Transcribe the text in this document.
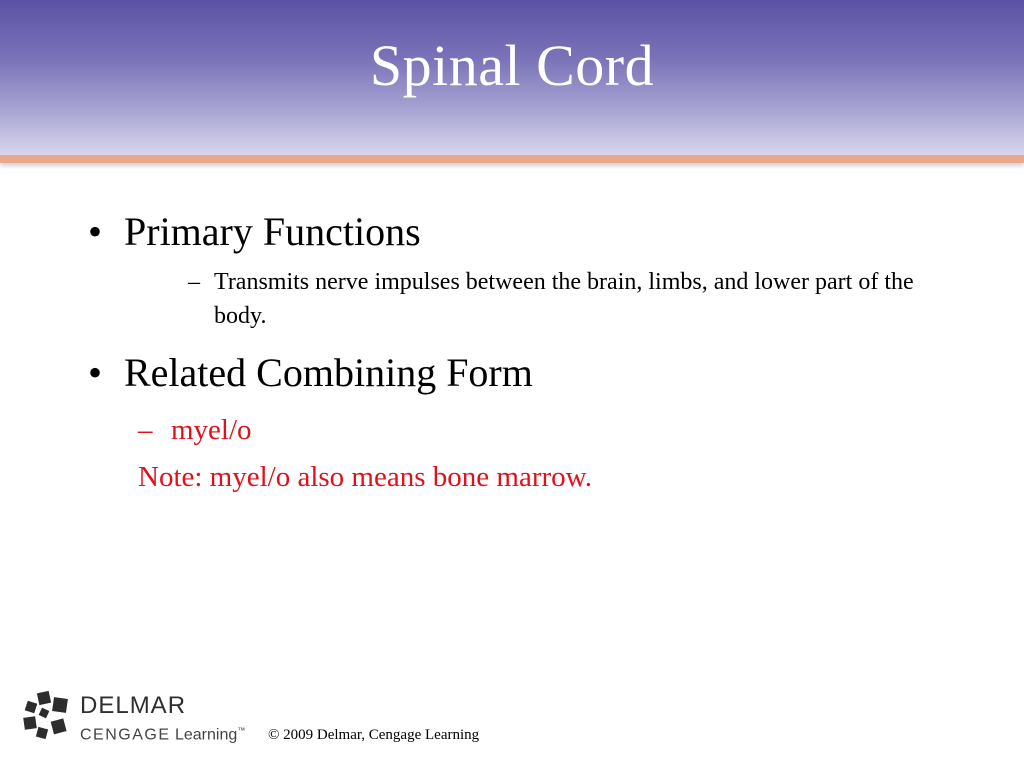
Spinal Cord
• Primary Functions
– Transmits nerve impulses between the brain, limbs, and lower part of the body.
• Related Combining Form
– myel/o
Note: myel/o also means bone marrow.
DELMAR
CENGAGE Learning™ © 2009 Delmar, Cengage Learning
